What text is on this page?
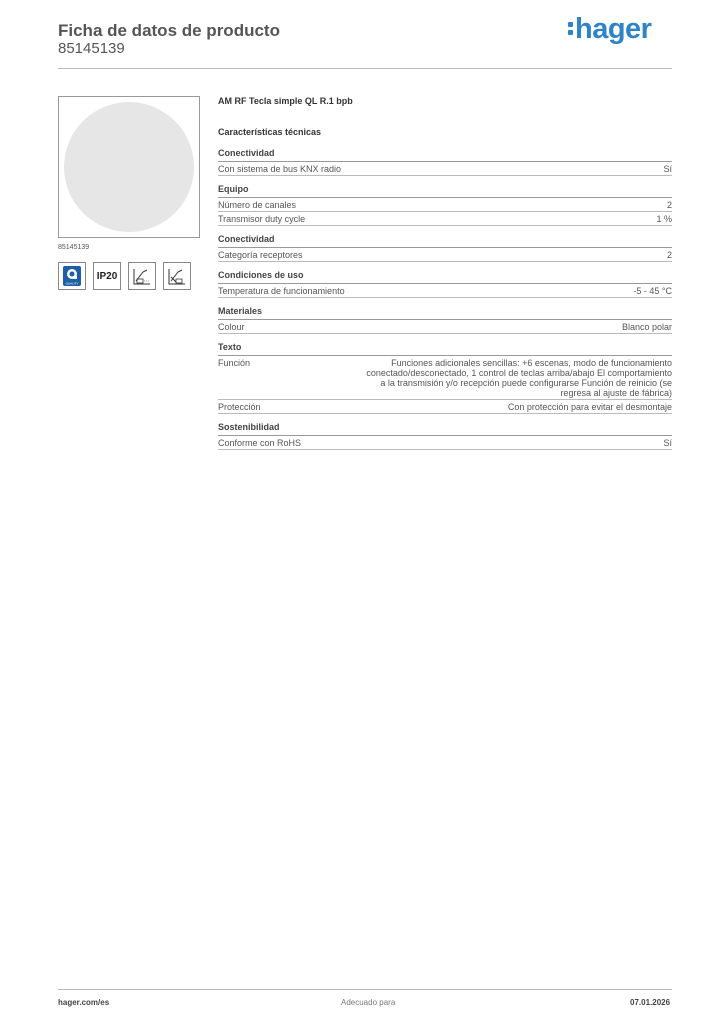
Ficha de datos de producto
85145139
hager
85145139
QUALITY
IP20
AM RF Tecla simple QL R.1 bpb
Características técnicas
Conectividad
Con sistema de bus KNX radio	Sí
Equipo
Número de canales	2
Transmisor duty cycle	1 %
Conectividad
Categoría receptores	2
Condiciones de uso
Temperatura de funcionamiento	-5 - 45 °C
Materiales
Colour	Blanco polar
Texto
Función	Funciones adicionales sencillas: +6 escenas, modo de funcionamiento conectado/desconectado, 1 control de teclas arriba/abajo El comportamiento a la transmisión y/o recepción puede configurarse Función de reinicio (se regresa al ajuste de fábrica)
Protección	Con protección para evitar el desmontaje
Sostenibilidad
Conforme con RoHS	Sí
hager.com/es	Adecuado para	07.01.2026
